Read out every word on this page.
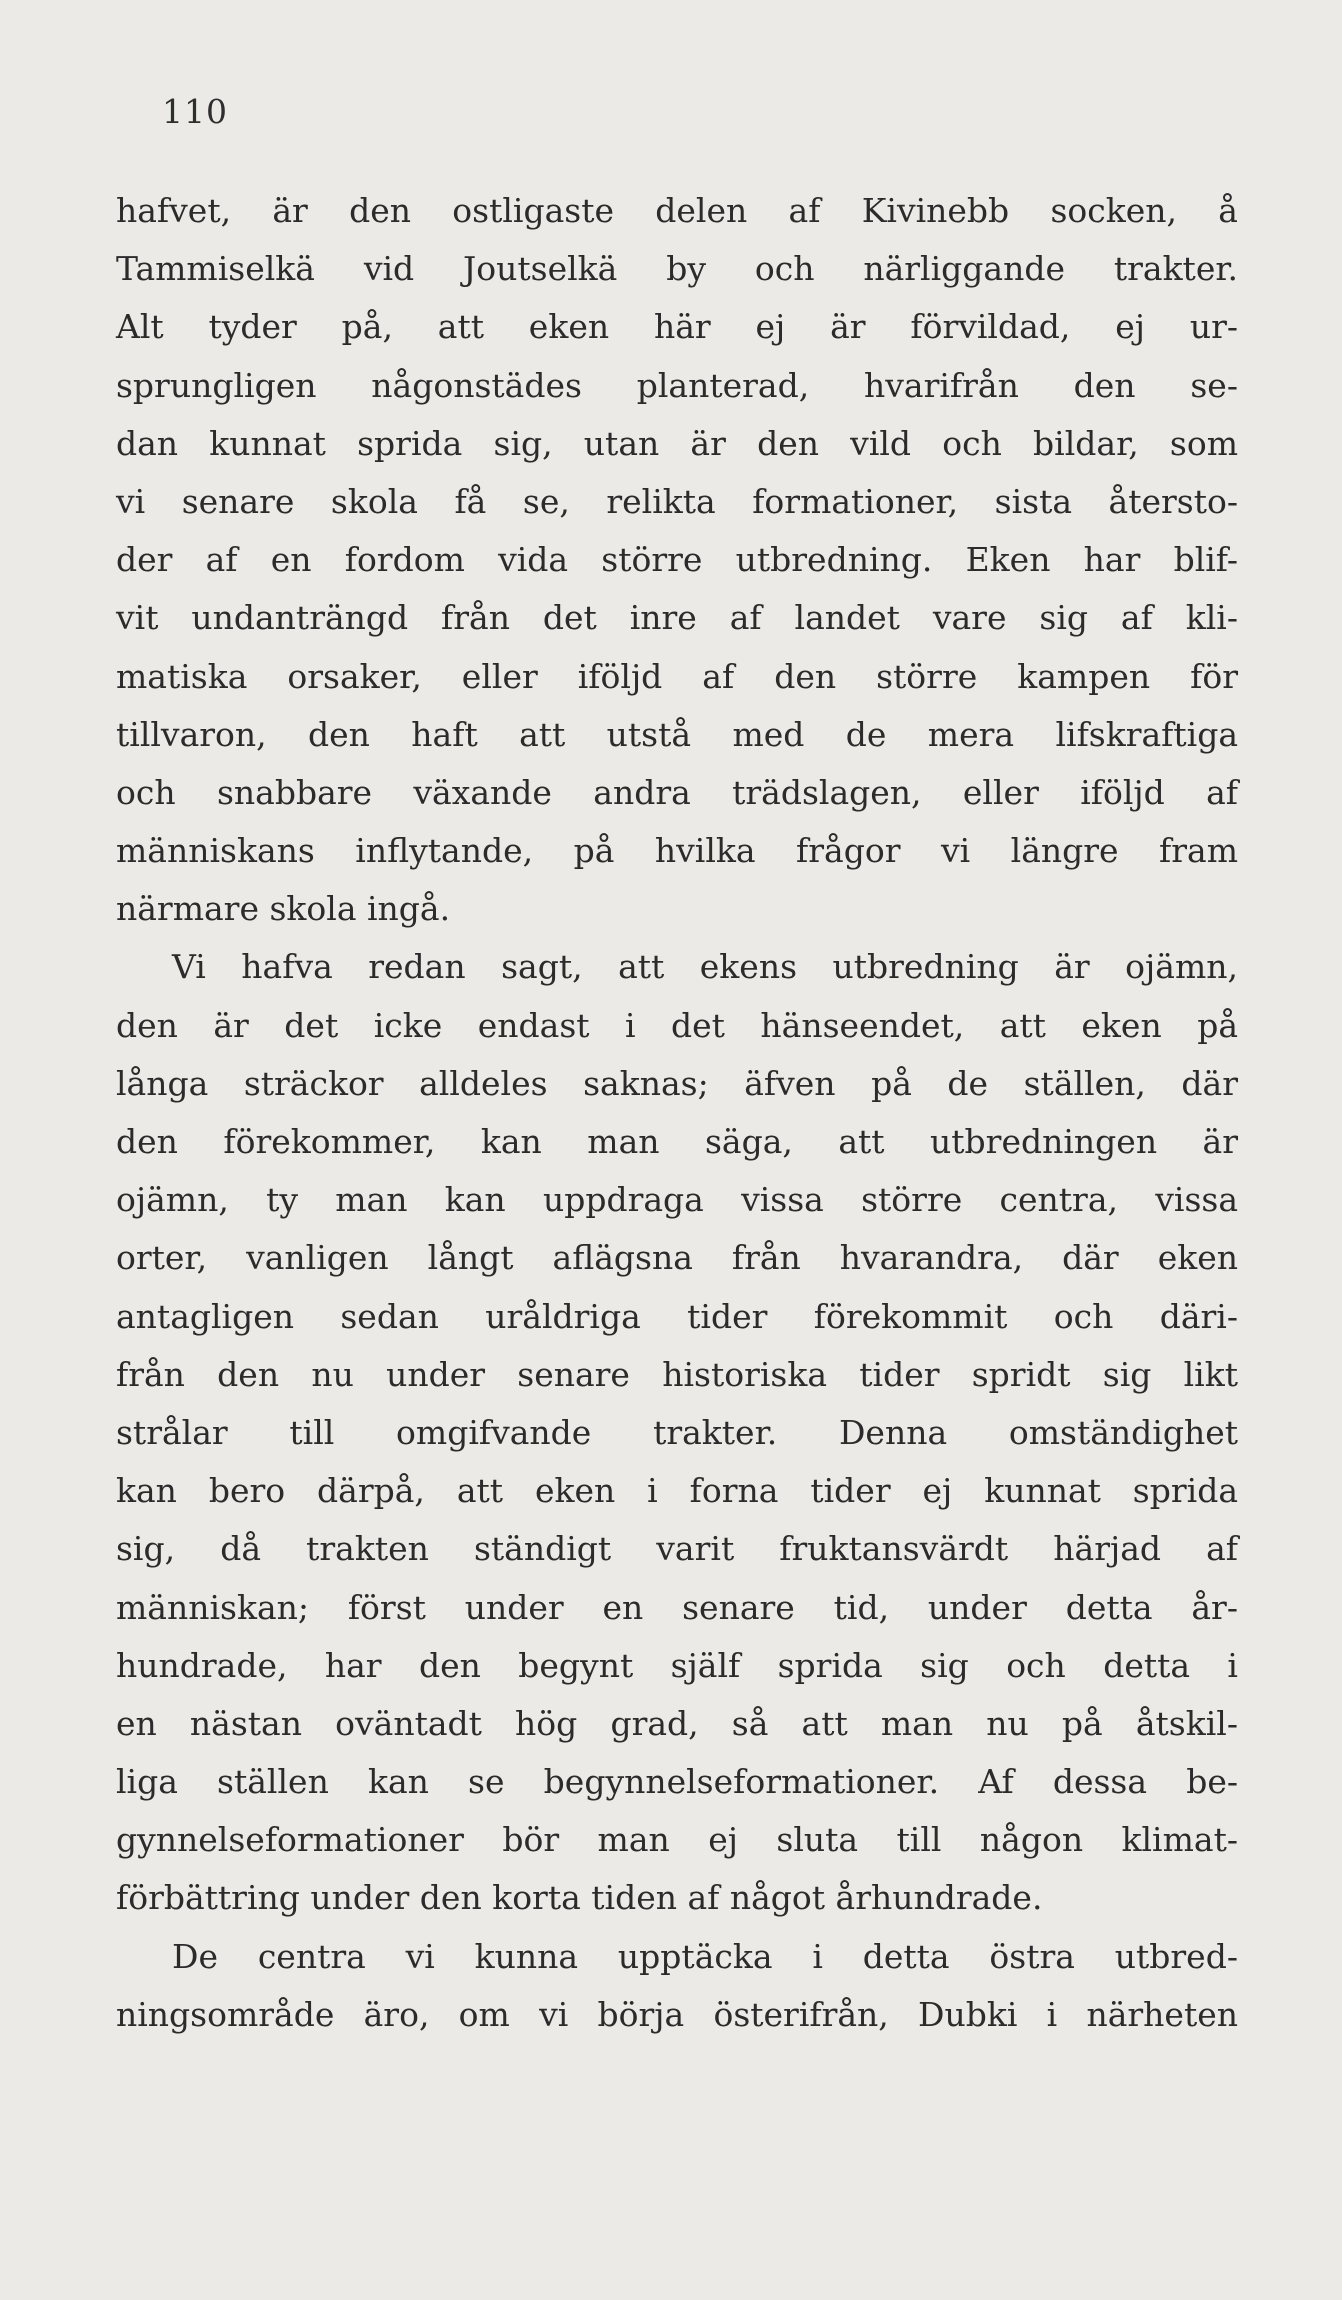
110
hafvet, är den ostligaste delen af Kivinebb socken, å
Tammiselkä vid Joutselkä by och närliggande trakter.
Alt tyder på, att eken här ej är förvildad, ej ur-
sprungligen någonstädes planterad, hvarifrån den se-
dan kunnat sprida sig, utan är den vild och bildar, som
vi senare skola få se, relikta formationer, sista återsto-
der af en fordom vida större utbredning. Eken har blif-
vit undanträngd från det inre af landet vare sig af kli-
matiska orsaker, eller iföljd af den större kampen för
tillvaron, den haft att utstå med de mera lifskraftiga
och snabbare växande andra trädslagen, eller iföljd af
människans inflytande, på hvilka frågor vi längre fram
närmare skola ingå.
Vi hafva redan sagt, att ekens utbredning är ojämn,
den är det icke endast i det hänseendet, att eken på
långa sträckor alldeles saknas; äfven på de ställen, där
den förekommer, kan man säga, att utbredningen är
ojämn, ty man kan uppdraga vissa större centra, vissa
orter, vanligen långt aflägsna från hvarandra, där eken
antagligen sedan uråldriga tider förekommit och däri-
från den nu under senare historiska tider spridt sig likt
strålar till omgifvande trakter. Denna omständighet
kan bero därpå, att eken i forna tider ej kunnat sprida
sig, då trakten ständigt varit fruktansvärdt härjad af
människan; först under en senare tid, under detta år-
hundrade, har den begynt själf sprida sig och detta i
en nästan oväntadt hög grad, så att man nu på åtskil-
liga ställen kan se begynnelseformationer. Af dessa be-
gynnelseformationer bör man ej sluta till någon klimat-
förbättring under den korta tiden af något århundrade.
De centra vi kunna upptäcka i detta östra utbred-
ningsområde äro, om vi börja österifrån, Dubki i närheten
